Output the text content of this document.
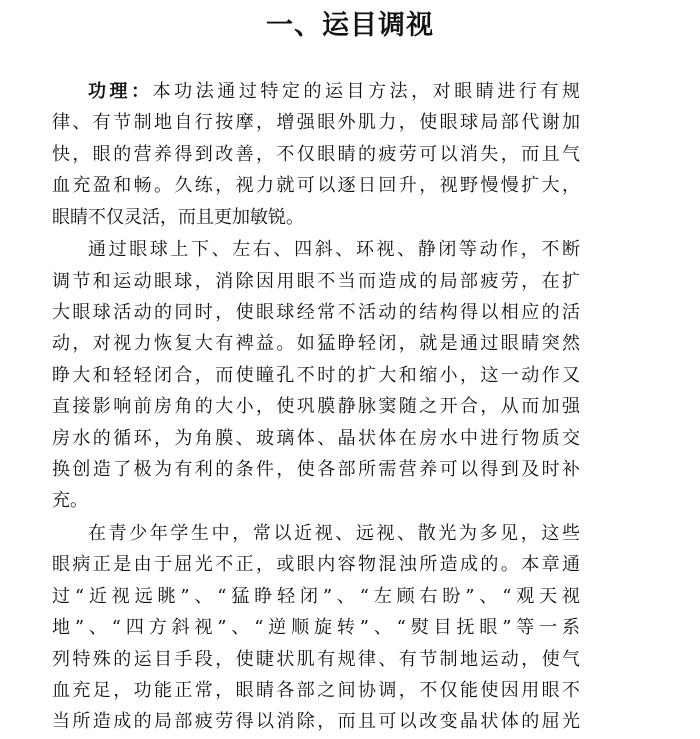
一、运目调视
功理：本功法通过特定的运目方法，对眼睛进行有规
律、有节制地自行按摩，增强眼外肌力，使眼球局部代谢加
快，眼的营养得到改善，不仅眼睛的疲劳可以消失，而且气
血充盈和畅。久练，视力就可以逐日回升，视野慢慢扩大，
眼睛不仅灵活，而且更加敏锐。
通过眼球上下、左右、四斜、环视、静闭等动作，不断
调节和运动眼球，消除因用眼不当而造成的局部疲劳，在扩
大眼球活动的同时，使眼球经常不活动的结构得以相应的活
动，对视力恢复大有裨益。如猛睁轻闭，就是通过眼睛突然
睁大和轻轻闭合，而使瞳孔不时的扩大和缩小，这一动作又
直接影响前房角的大小，使巩膜静脉窦随之开合，从而加强
房水的循环，为角膜、玻璃体、晶状体在房水中进行物质交
换创造了极为有利的条件，使各部所需营养可以得到及时补
充。
在青少年学生中，常以近视、远视、散光为多见，这些
眼病正是由于屈光不正，或眼内容物混浊所造成的。本章通
过“近视远眺”、“猛睁轻闭”、“左顾右盼”、“观天视
地”、“四方斜视”、“逆顺旋转”、“熨目抚眼”等一系
列特殊的运目手段，使睫状肌有规律、有节制地运动，使气
血充足，功能正常，眼睛各部之间协调，不仅能使因用眼不
当所造成的局部疲劳得以消除，而且可以改变晶状体的屈光
